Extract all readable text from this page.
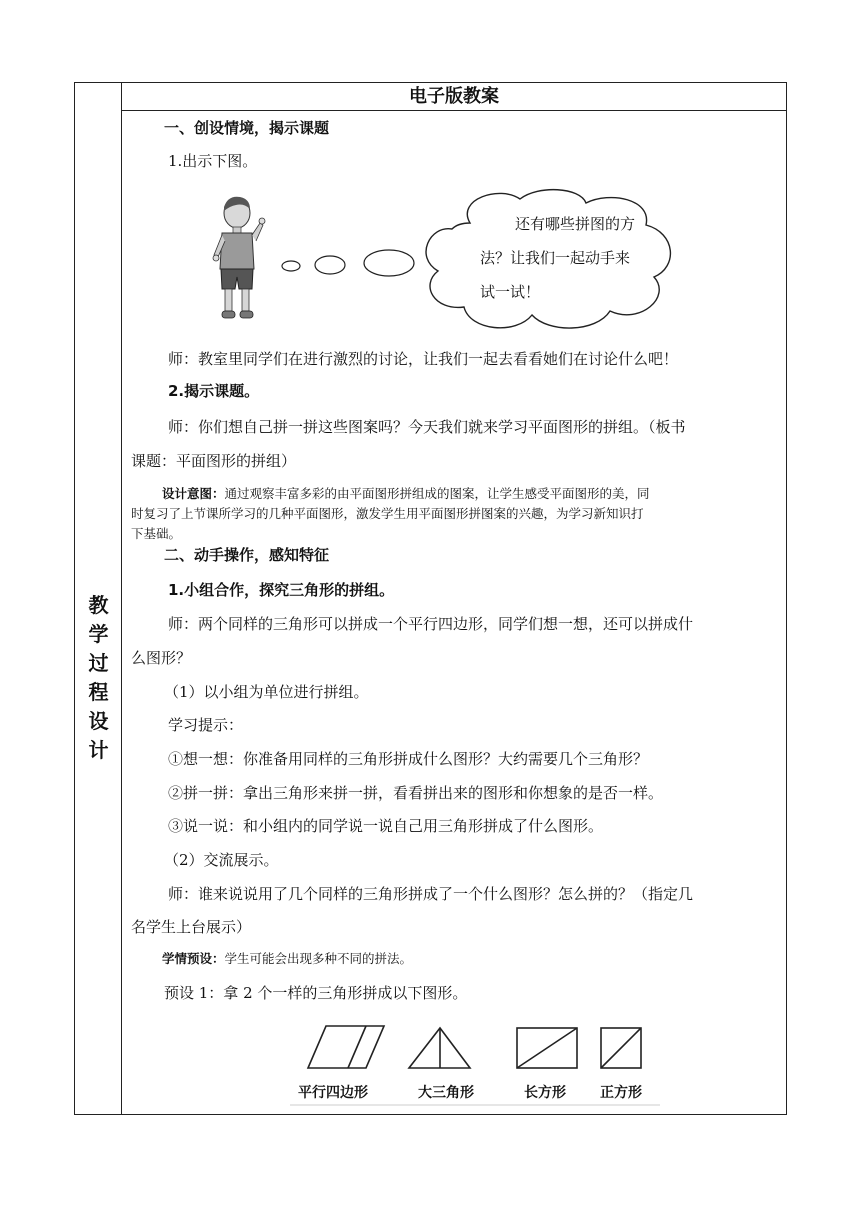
教
学
过
程
设
计
电子版教案
一、创设情境，揭示课题
1.出示下图。
还有哪些拼图的方
法？让我们一起动手来
试一试！
师：教室里同学们在进行激烈的讨论，让我们一起去看看她们在讨论什么吧！
2.揭示课题。
师：你们想自己拼一拼这些图案吗？今天我们就来学习平面图形的拼组。（板书
课题：平面图形的拼组）
设计意图：通过观察丰富多彩的由平面图形拼组成的图案，让学生感受平面图形的美，同
时复习了上节课所学习的几种平面图形，激发学生用平面图形拼图案的兴趣，为学习新知识打
下基础。
二、动手操作，感知特征
1.小组合作，探究三角形的拼组。
师：两个同样的三角形可以拼成一个平行四边形，同学们想一想，还可以拼成什
么图形？
（1）以小组为单位进行拼组。
学习提示：
①想一想：你准备用同样的三角形拼成什么图形？大约需要几个三角形？
②拼一拼：拿出三角形来拼一拼，看看拼出来的图形和你想象的是否一样。
③说一说：和小组内的同学说一说自己用三角形拼成了什么图形。
（2）交流展示。
师：谁来说说用了几个同样的三角形拼成了一个什么图形？怎么拼的？（指定几
名学生上台展示）
学情预设：学生可能会出现多种不同的拼法。
预设 1：拿 2 个一样的三角形拼成以下图形。
平行四边形	大三角形	长方形 正方形
